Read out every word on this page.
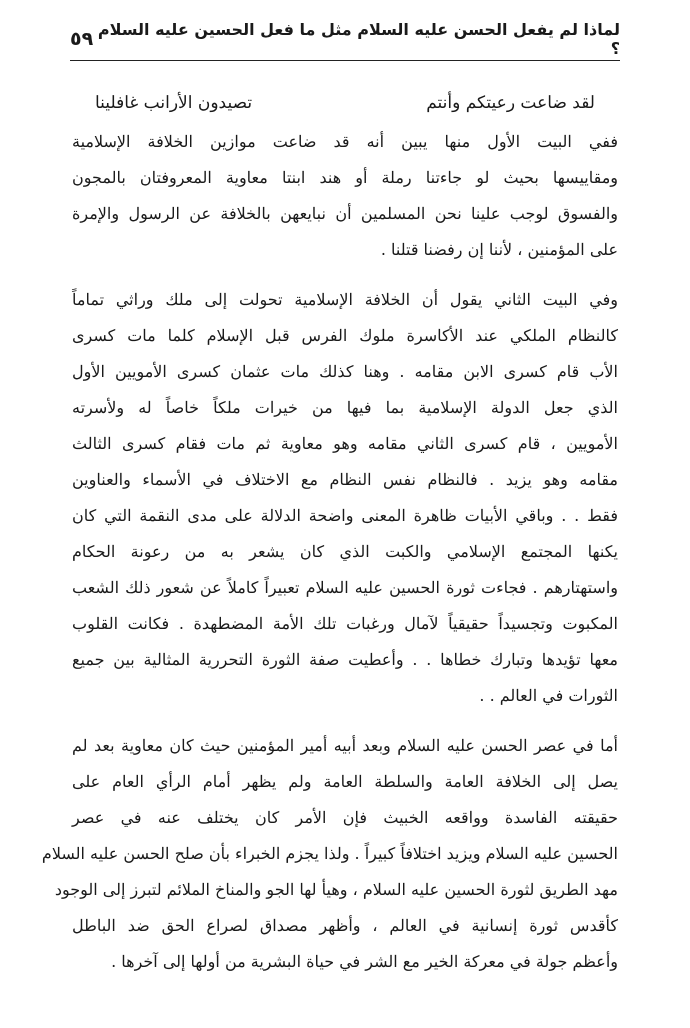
لماذا لم يفعل الحسن عليه السلام مثل ما فعل الحسين عليه السلام ؟
٥٩
لقد ضاعت رعيتكم وأنتم
تصيدون الأرانب غافلينا
ففي البيت الأول منها يبين أنه قد ضاعت موازين الخلافة الإسلامية
ومقاييسها بحيث لو جاءتنا رملة أو هند ابنتا معاوية المعروفتان بالمجون
والفسوق لوجب علينا نحن المسلمين أن نبايعهن بالخلافة عن الرسول والإمرة
على المؤمنين ، لأننا إن رفضنا قتلنا .
وفي البيت الثاني يقول أن الخلافة الإسلامية تحولت إلى ملك وراثي تماماً
كالنظام الملكي عند الأكاسرة ملوك الفرس قبل الإسلام كلما مات كسرى
الأب قام كسرى الابن مقامه . وهنا كذلك مات عثمان كسرى الأمويين الأول
الذي جعل الدولة الإسلامية بما فيها من خيرات ملكاً خاصاً له ولأسرته
الأمويين ، قام كسرى الثاني مقامه وهو معاوية ثم مات فقام كسرى الثالث
مقامه وهو يزيد . فالنظام نفس النظام مع الاختلاف في الأسماء والعناوين
فقط . . وباقي الأبيات ظاهرة المعنى واضحة الدلالة على مدى النقمة التي كان
يكنها المجتمع الإسلامي والكبت الذي كان يشعر به من رعونة الحكام
واستهتارهم . فجاءت ثورة الحسين عليه السلام تعبيراً كاملاً عن شعور ذلك الشعب
المكبوت وتجسيداً حقيقياً لآمال ورغبات تلك الأمة المضطهدة . فكانت القلوب
معها تؤيدها وتبارك خطاها . . وأعطيت صفة الثورة التحررية المثالية بين جميع
الثورات في العالم . .
أما في عصر الحسن عليه السلام وبعد أبيه أمير المؤمنين حيث كان معاوية بعد لم
يصل إلى الخلافة العامة والسلطة العامة ولم يظهر أمام الرأي العام على
حقيقته الفاسدة وواقعه الخبيث فإن الأمر كان يختلف عنه في عصر
الحسين عليه السلام ويزيد اختلافاً كبيراً . ولذا يجزم الخبراء بأن صلح الحسن عليه السلام
مهد الطريق لثورة الحسين عليه السلام ، وهيأ لها الجو والمناخ الملائم لتبرز إلى الوجود
كأقدس ثورة إنسانية في العالم ، وأظهر مصداق لصراع الحق ضد الباطل
وأعظم جولة في معركة الخير مع الشر في حياة البشرية من أولها إلى آخرها .
